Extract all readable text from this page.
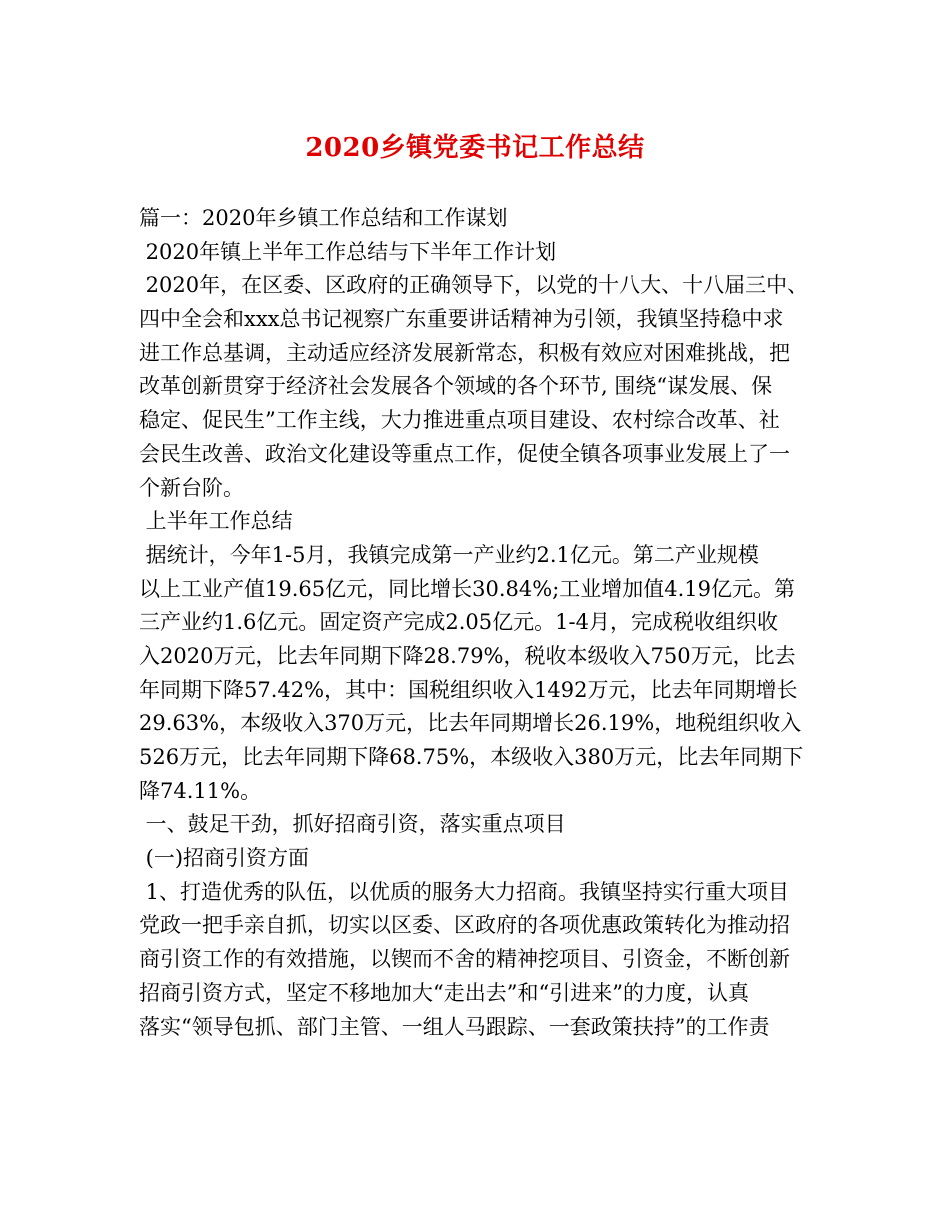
2020乡镇党委书记工作总结
篇一：2020年乡镇工作总结和工作谋划
2020年镇上半年工作总结与下半年工作计划
2020年，在区委、区政府的正确领导下，以党的十八大、十八届三中、
四中全会和xxx总书记视察广东重要讲话精神为引领，我镇坚持稳中求
进工作总基调，主动适应经济发展新常态，积极有效应对困难挑战，把
改革创新贯穿于经济社会发展各个领域的各个环节, 围绕“谋发展、保
稳定、促民生”工作主线，大力推进重点项目建设、农村综合改革、社
会民生改善、政治文化建设等重点工作，促使全镇各项事业发展上了一
个新台阶。
上半年工作总结
据统计，今年1-5月，我镇完成第一产业约2.1亿元。第二产业规模
以上工业产值19.65亿元，同比增长30.84%;工业增加值4.19亿元。第
三产业约1.6亿元。固定资产完成2.05亿元。1-4月，完成税收组织收
入2020万元，比去年同期下降28.79%，税收本级收入750万元，比去
年同期下降57.42%，其中：国税组织收入1492万元，比去年同期增长
29.63%，本级收入370万元，比去年同期增长26.19%，地税组织收入
526万元，比去年同期下降68.75%，本级收入380万元，比去年同期下
降74.11%。
一、鼓足干劲，抓好招商引资，落实重点项目
(一)招商引资方面
1、打造优秀的队伍，以优质的服务大力招商。我镇坚持实行重大项目
党政一把手亲自抓，切实以区委、区政府的各项优惠政策转化为推动招
商引资工作的有效措施，以锲而不舍的精神挖项目、引资金，不断创新
招商引资方式，坚定不移地加大“走出去”和“引进来”的力度，认真
落实“领导包抓、部门主管、一组人马跟踪、一套政策扶持”的工作责
